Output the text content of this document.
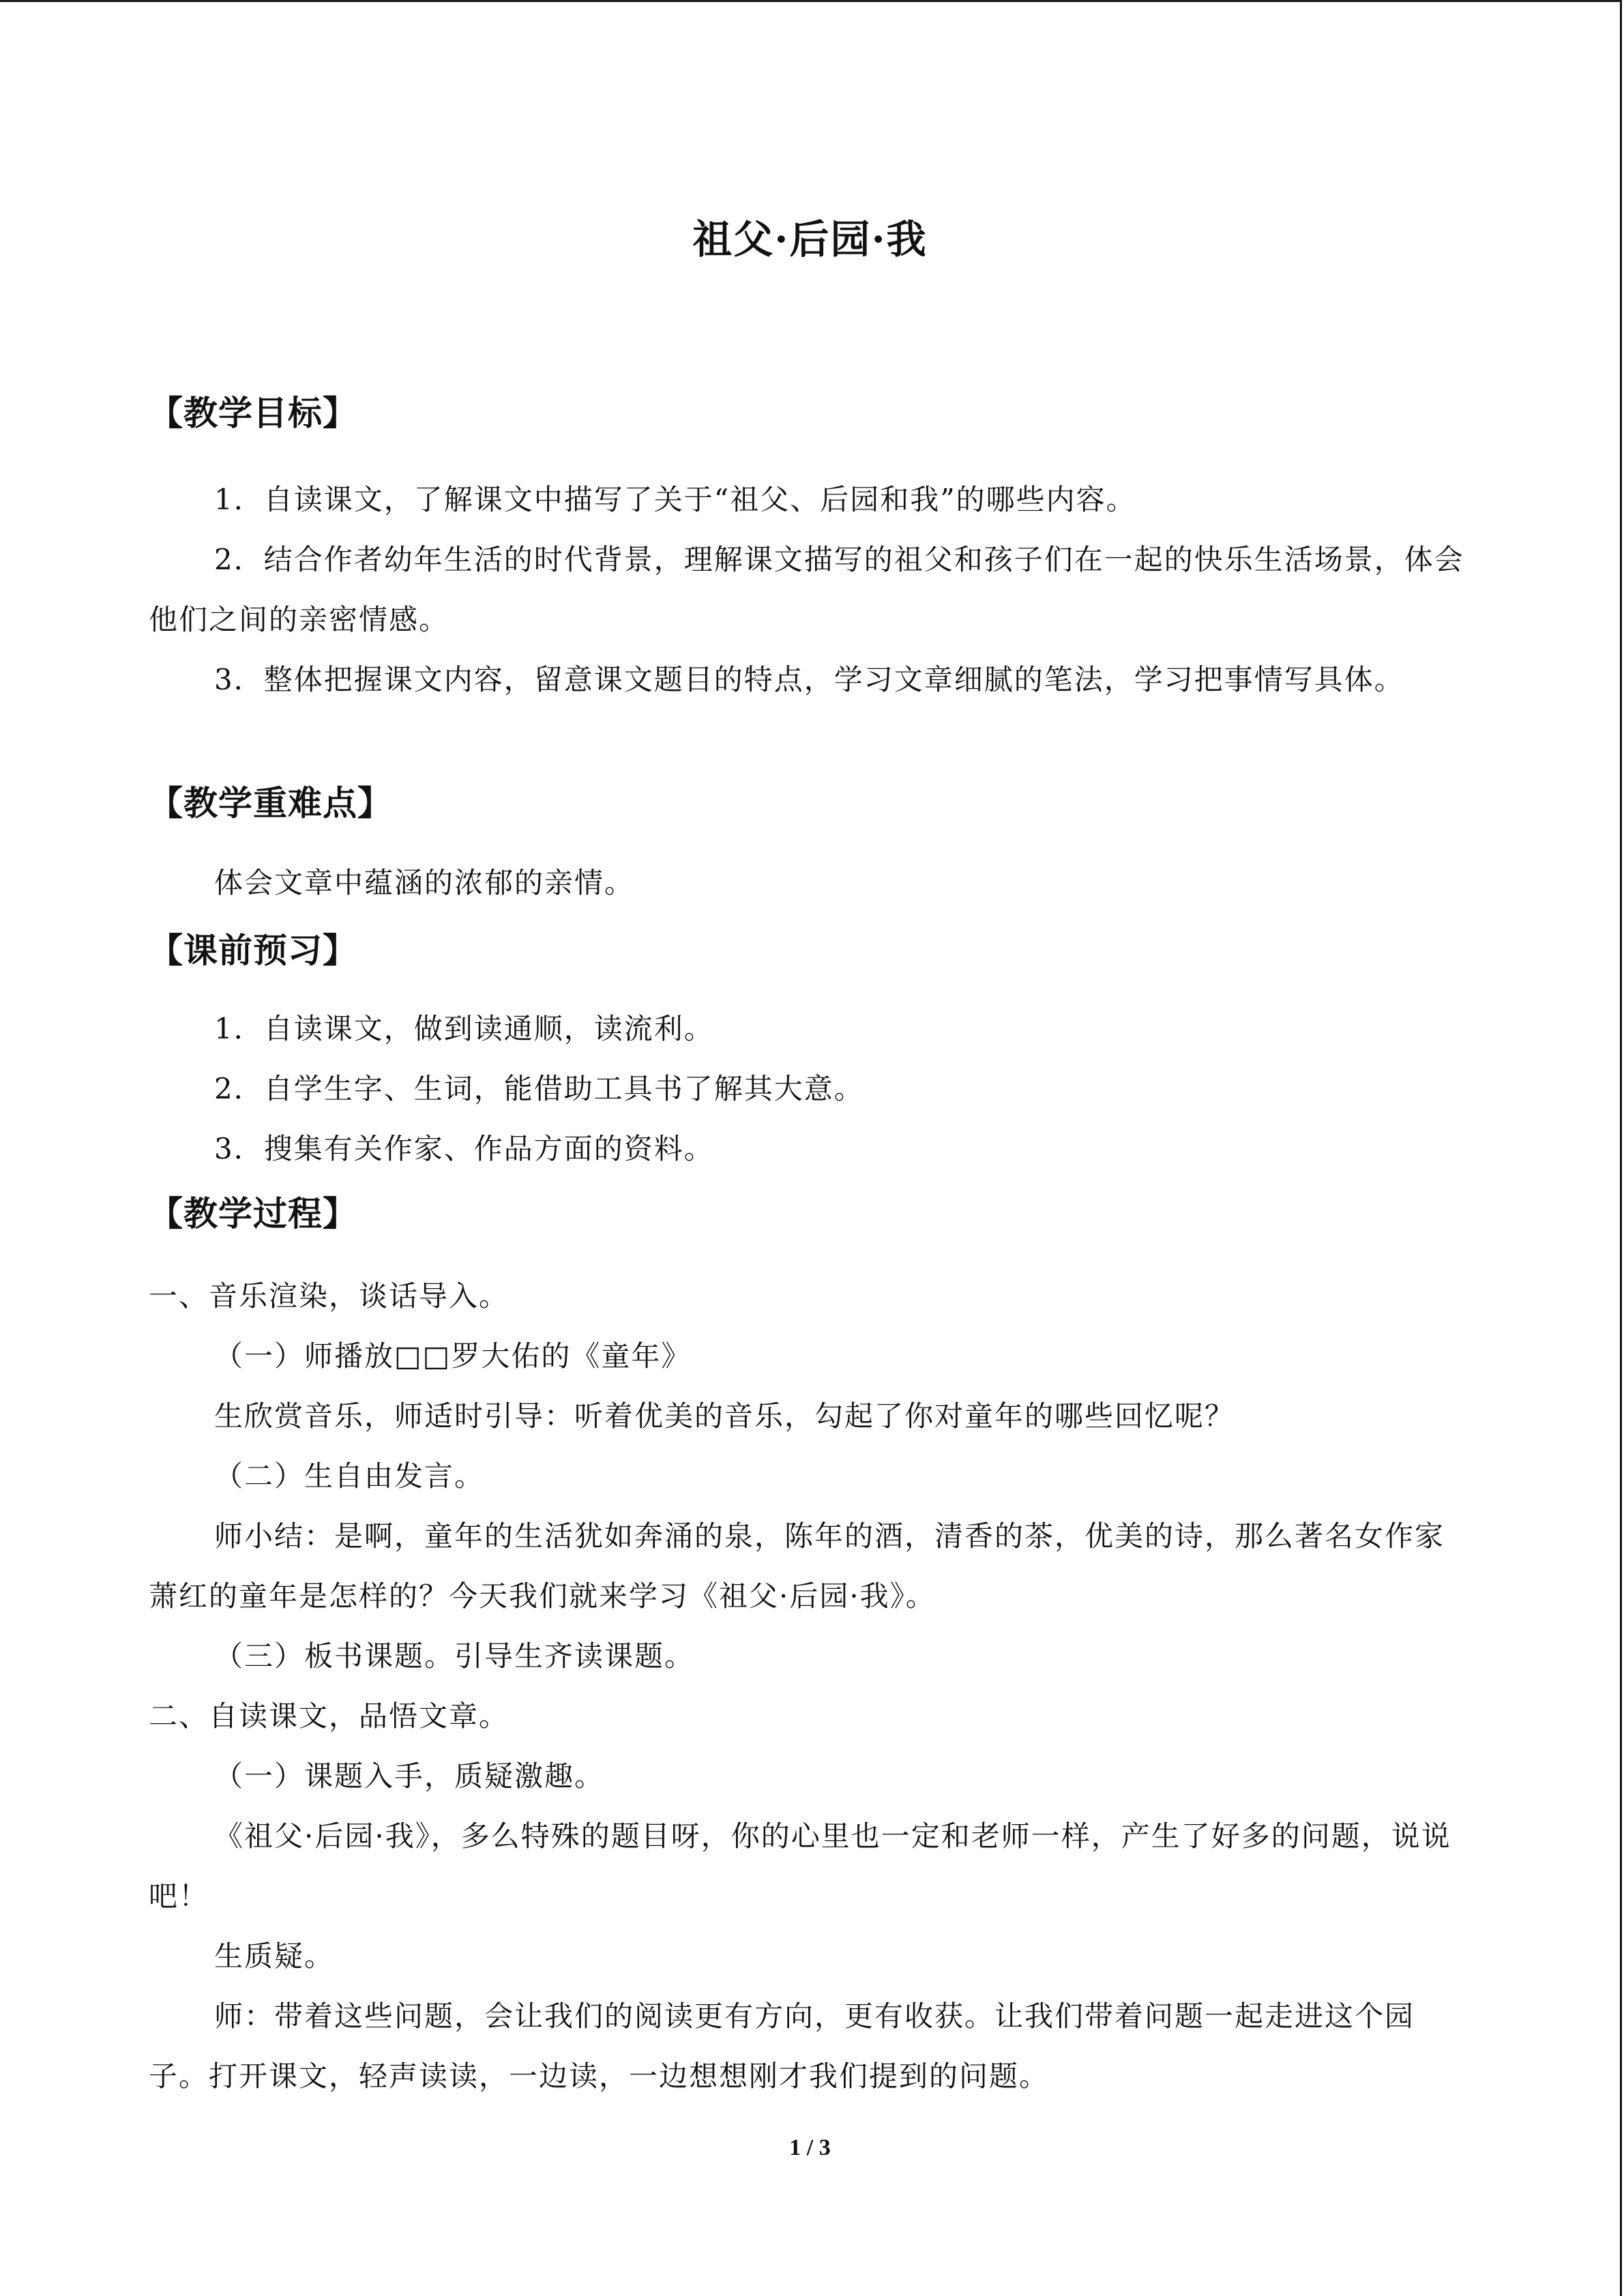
祖父·后园·我
【教学目标】
1．自读课文，了解课文中描写了关于“祖父、后园和我”的哪些内容。
2．结合作者幼年生活的时代背景，理解课文描写的祖父和孩子们在一起的快乐生活场景，体会他们之间的亲密情感。
3．整体把握课文内容，留意课文题目的特点，学习文章细腻的笔法，学习把事情写具体。
【教学重难点】
体会文章中蕴涵的浓郁的亲情。
【课前预习】
1．自读课文，做到读通顺，读流利。
2．自学生字、生词，能借助工具书了解其大意。
3．搜集有关作家、作品方面的资料。
【教学过程】
一、音乐渲染，谈话导入。
（一）师播放□□罗大佑的《童年》
生欣赏音乐，师适时引导：听着优美的音乐，勾起了你对童年的哪些回忆呢？
（二）生自由发言。
师小结：是啊，童年的生活犹如奔涌的泉，陈年的酒，清香的茶，优美的诗，那么著名女作家萧红的童年是怎样的？今天我们就来学习《祖父·后园·我》。
（三）板书课题。引导生齐读课题。
二、自读课文，品悟文章。
（一）课题入手，质疑激趣。
《祖父·后园·我》，多么特殊的题目呀，你的心里也一定和老师一样，产生了好多的问题，说说吧！
生质疑。
师：带着这些问题，会让我们的阅读更有方向，更有收获。让我们带着问题一起走进这个园子。打开课文，轻声读读，一边读，一边想想刚才我们提到的问题。
1 / 3
